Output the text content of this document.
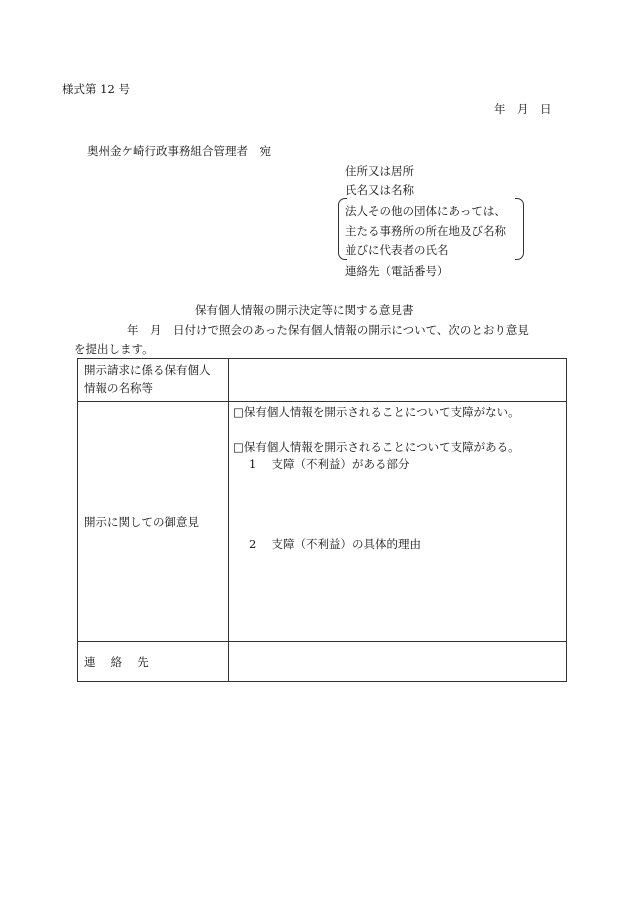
様式第 12 号
年　月　日
奥州金ケ崎行政事務組合管理者　宛
住所又は居所
氏名又は名称
法人その他の団体にあっては、
主たる事務所の所在地及び名称
並びに代表者の氏名
連絡先（電話番号）
保有個人情報の開示決定等に関する意見書
年　月　日付けで照会のあった保有個人情報の開示について、次のとおり意見
を提出します。
開示請求に係る保有個人
情報の名称等	

開示に関しての御意見	□保有個人情報を開示されることについて支障がない。
□保有個人情報を開示されることについて支障がある。
1　 支障（不利益）がある部分
2　 支障（不利益）の具体的理由

連　 絡　 先	
